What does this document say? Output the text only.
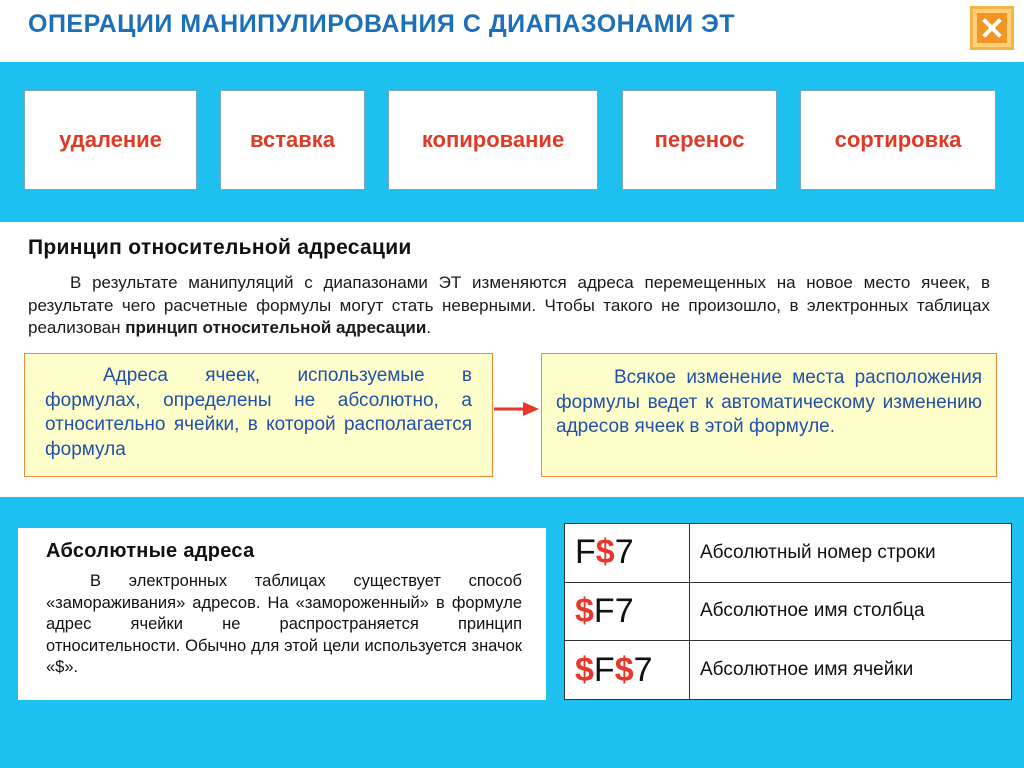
ОПЕРАЦИИ МАНИПУЛИРОВАНИЯ С ДИАПАЗОНАМИ ЭТ
удаление	вставка	копирование	перенос	сортировка
Принцип относительной адресации

В результате манипуляций с диапазонами ЭТ изменяются адреса перемещенных на новое место ячеек, в результате чего расчетные формулы могут стать неверными. Чтобы такого не произошло, в электронных таблицах реализован принцип относительной адресации.

Адреса ячеек, используемые в формулах, определены не абсолютно, а относительно ячейки, в которой располагается формула

Всякое изменение места расположения формулы ведет к автоматическому изменению адресов ячеек в этой формуле.

Абсолютные адреса

В электронных таблицах существует способ «замораживания» адресов. На «замороженный» в формуле адрес ячейки не распространяется принцип относительности. Обычно для этой цели используется значок «$».

F$7	Абсолютный номер строки
$F7	Абсолютное имя столбца
$F$7	Абсолютное имя ячейки
